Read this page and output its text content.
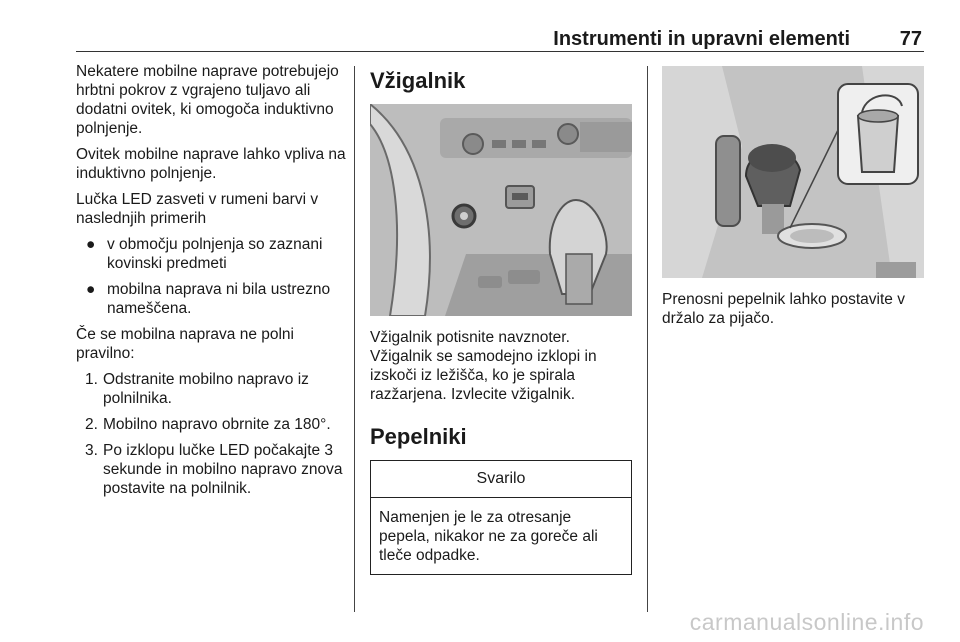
Instrumenti in upravni elementi 77

Nekatere mobilne naprave potrebujejo hrbtni pokrov z vgrajeno tuljavo ali dodatni ovitek, ki omogoča induktivno polnjenje.

Ovitek mobilne naprave lahko vpliva na induktivno polnjenje.

Lučka LED zasveti v rumeni barvi v naslednjih primerih

● v območju polnjenja so zaznani kovinski predmeti
● mobilna naprava ni bila ustrezno nameščena.

Če se mobilna naprava ne polni pravilno:

1. Odstranite mobilno napravo iz polnilnika.
2. Mobilno napravo obrnite za 180°.
3. Po izklopu lučke LED počakajte 3 sekunde in mobilno napravo znova postavite na polnilnik.
Vžigalnik

Vžigalnik potisnite navznoter. Vžigalnik se samodejno izklopi in izskoči iz ležišča, ko je spirala razžarjena. Izvlecite vžigalnik.

Pepelniki
Svarilo
Namenjen je le za otresanje pepela, nikakor ne za goreče ali tleče odpadke.

Prenosni pepelnik lahko postavite v držalo za pijačo.

carmanualsonline.info
